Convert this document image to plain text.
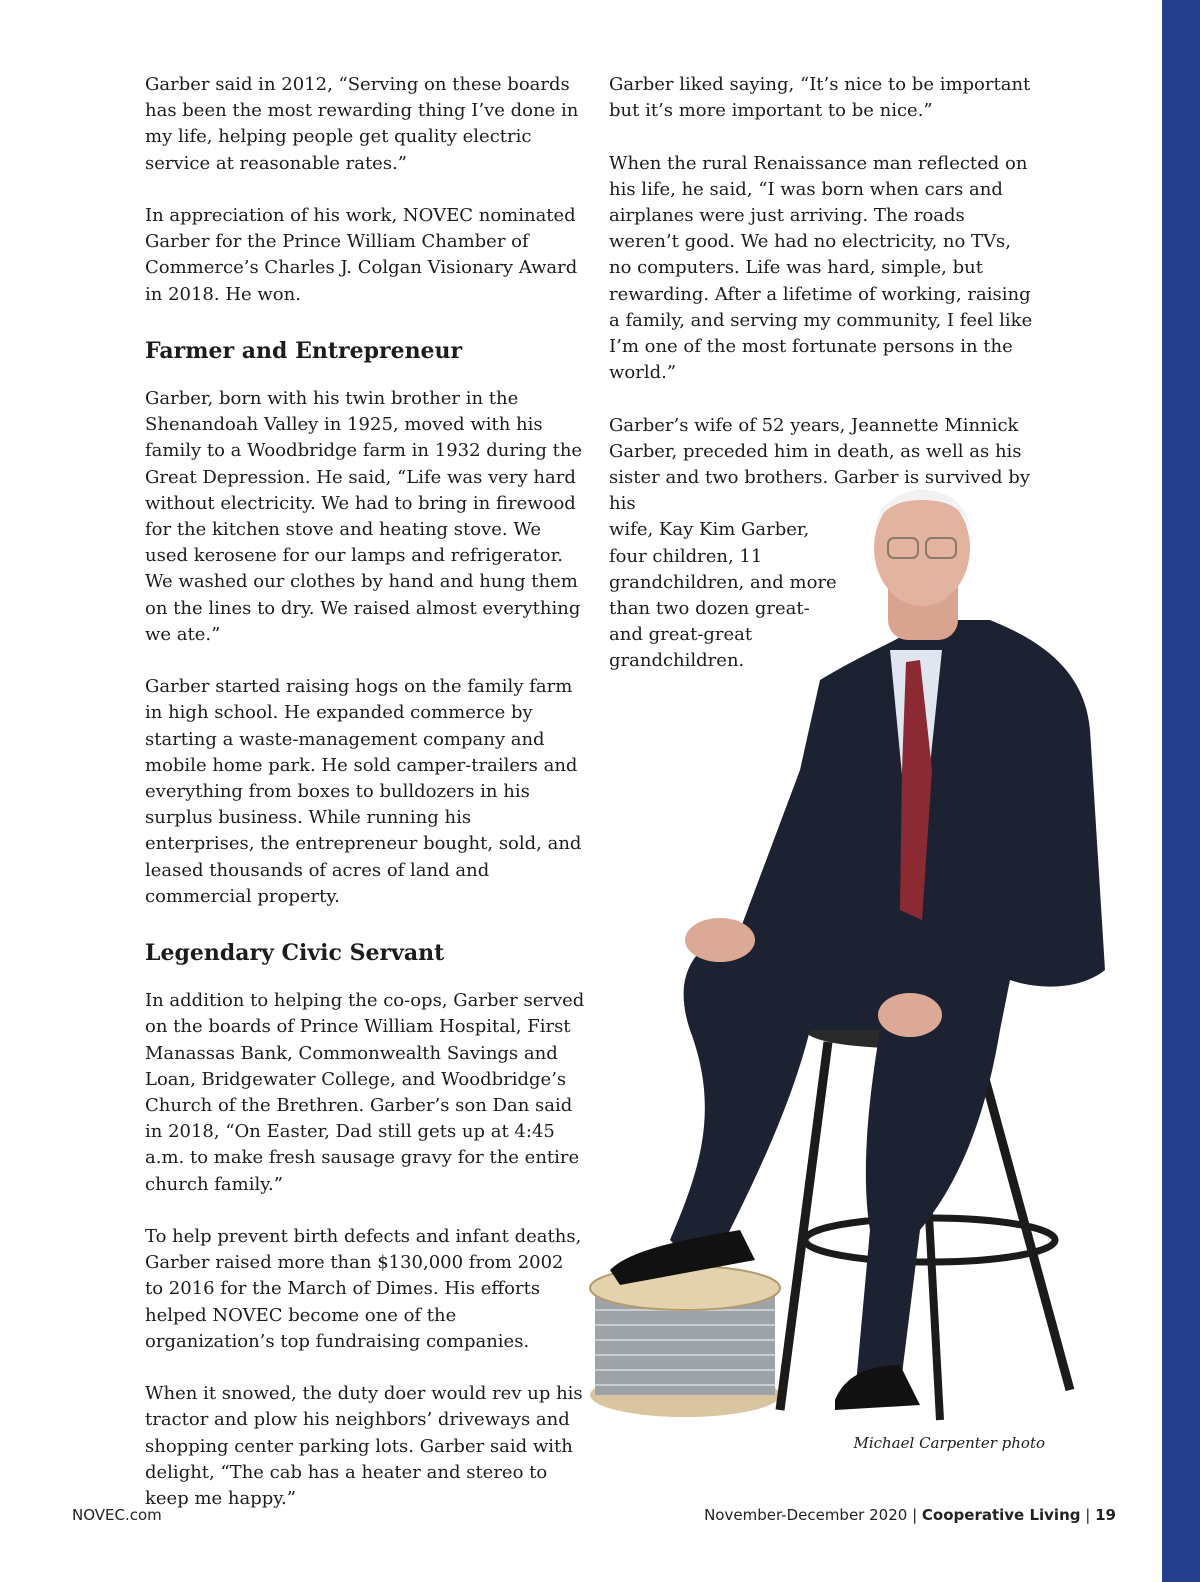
Garber said in 2012, “Serving on these boards has been the most rewarding thing I’ve done in my life, helping people get quality electric service at reasonable rates.”

In appreciation of his work, NOVEC nominated Garber for the Prince William Chamber of Commerce’s Charles J. Colgan Visionary Award in 2018. He won.

Farmer and Entrepreneur

Garber, born with his twin brother in the Shenandoah Valley in 1925, moved with his family to a Woodbridge farm in 1932 during the Great Depression. He said, “Life was very hard without electricity. We had to bring in firewood for the kitchen stove and heating stove. We used kerosene for our lamps and refrigerator. We washed our clothes by hand and hung them on the lines to dry. We raised almost everything we ate.”

Garber started raising hogs on the family farm in high school. He expanded commerce by starting a waste-management company and mobile home park. He sold camper-trailers and everything from boxes to bulldozers in his surplus business. While running his enterprises, the entrepreneur bought, sold, and leased thousands of acres of land and commercial property.

Legendary Civic Servant

In addition to helping the co-ops, Garber served on the boards of Prince William Hospital, First Manassas Bank, Commonwealth Savings and Loan, Bridgewater College, and Woodbridge’s Church of the Brethren. Garber’s son Dan said in 2018, “On Easter, Dad still gets up at 4:45 a.m. to make fresh sausage gravy for the entire church family.”

To help prevent birth defects and infant deaths, Garber raised more than $130,000 from 2002 to 2016 for the March of Dimes. His efforts helped NOVEC become one of the organization’s top fundraising companies.

When it snowed, the duty doer would rev up his tractor and plow his neighbors’ driveways and shopping center parking lots. Garber said with delight, “The cab has a heater and stereo to keep me happy.”

Garber liked saying, “It’s nice to be important but it’s more important to be nice.”

When the rural Renaissance man reflected on his life, he said, “I was born when cars and airplanes were just arriving. The roads weren’t good. We had no electricity, no TVs, no computers. Life was hard, simple, but rewarding. After a lifetime of working, raising a family, and serving my community, I feel like I’m one of the most fortunate persons in the world.”

Garber’s wife of 52 years, Jeannette Minnick Garber, preceded him in death, as well as his sister and two brothers. Garber is survived by his

wife, Kay Kim Garber, four children, 11 grandchildren, and more than two dozen great- and great-great grandchildren.

Michael Carpenter photo
NOVEC.com	November-December 2020 | Cooperative Living | 19
